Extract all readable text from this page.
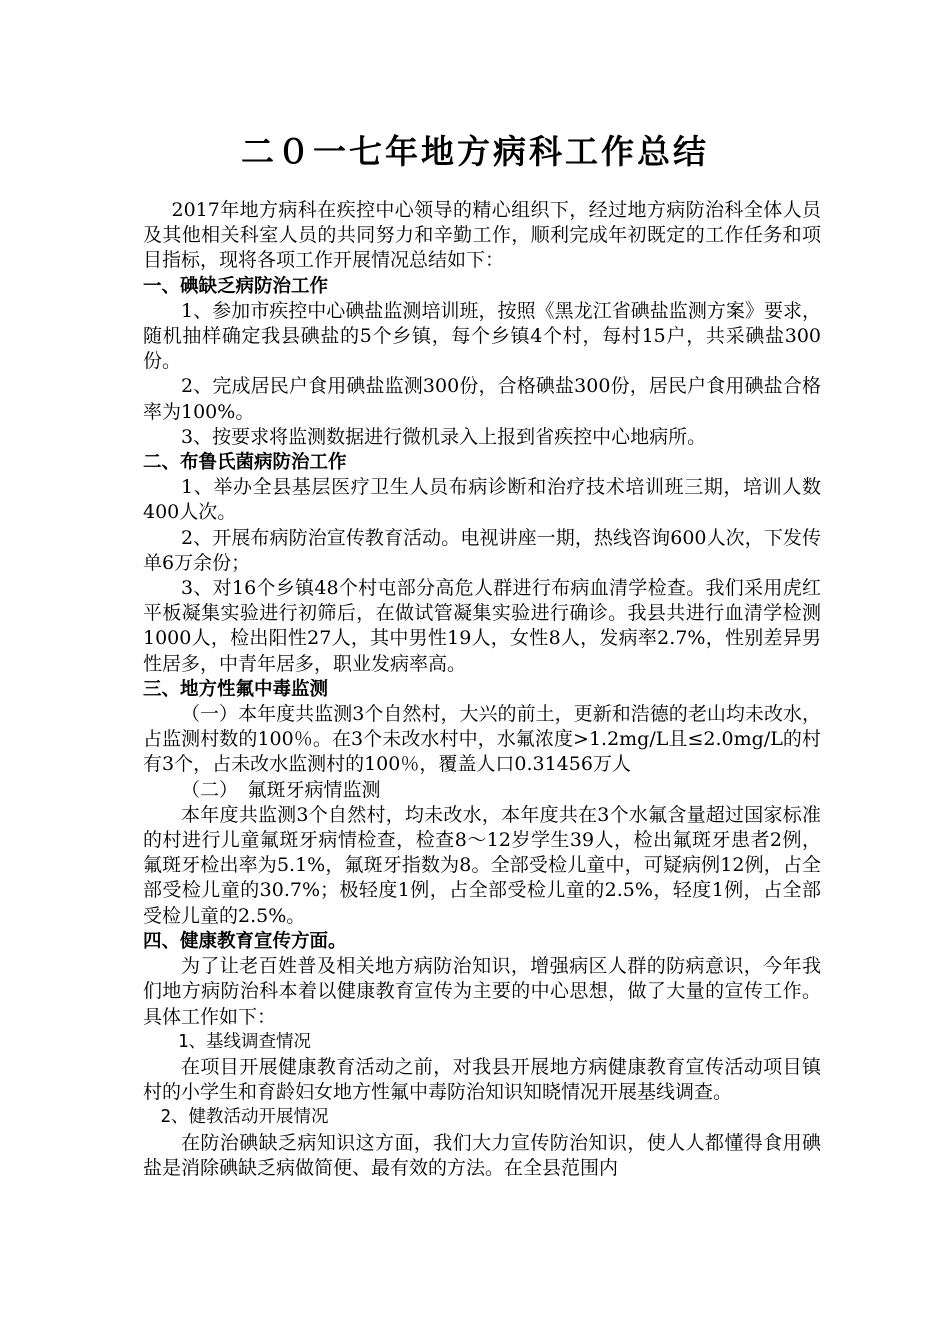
二０一七年地方病科工作总结

2017年地方病科在疾控中心领导的精心组织下，经过地方病防治科全体人员及其他相关科室人员的共同努力和辛勤工作，顺利完成年初既定的工作任务和项目指标，现将各项工作开展情况总结如下：

一、碘缺乏病防治工作

1、参加市疾控中心碘盐监测培训班，按照《黑龙江省碘盐监测方案》要求，随机抽样确定我县碘盐的5个乡镇，每个乡镇4个村，每村15户，共采碘盐300份。

2、完成居民户食用碘盐监测300份，合格碘盐300份，居民户食用碘盐合格率为100%。

3、按要求将监测数据进行微机录入上报到省疾控中心地病所。

二、布鲁氏菌病防治工作

1、举办全县基层医疗卫生人员布病诊断和治疗技术培训班三期，培训人数400人次。

2、开展布病防治宣传教育活动。电视讲座一期，热线咨询600人次，下发传单6万余份；

3、对16个乡镇48个村屯部分高危人群进行布病血清学检查。我们采用虎红平板凝集实验进行初筛后，在做试管凝集实验进行确诊。我县共进行血清学检测1000人，检出阳性27人，其中男性19人，女性8人，发病率2.7%，性别差异男性居多，中青年居多，职业发病率高。

三、地方性氟中毒监测

（一）本年度共监测3个自然村，大兴的前土，更新和浩德的老山均未改水，占监测村数的100％。在3个未改水村中，水氟浓度>1.2mg/L且≤2.0mg/L的村有3个，占未改水监测村的100％，覆盖人口0.31456万人

（二）　氟斑牙病情监测

本年度共监测3个自然村，均未改水，本年度共在3个水氟含量超过国家标准的村进行儿童氟斑牙病情检查，检查8～12岁学生39人，检出氟斑牙患者2例，氟斑牙检出率为5.1%，氟斑牙指数为8。全部受检儿童中，可疑病例12例，占全部受检儿童的30.7%；极轻度1例，占全部受检儿童的2.5%，轻度1例，占全部受检儿童的2.5%。

四、健康教育宣传方面。

为了让老百姓普及相关地方病防治知识，增强病区人群的防病意识，今年我们地方病防治科本着以健康教育宣传为主要的中心思想，做了大量的宣传工作。具体工作如下：

1、基线调查情况

在项目开展健康教育活动之前，对我县开展地方病健康教育宣传活动项目镇村的小学生和育龄妇女地方性氟中毒防治知识知晓情况开展基线调查。

2、健教活动开展情况

在防治碘缺乏病知识这方面，我们大力宣传防治知识，使人人都懂得食用碘盐是消除碘缺乏病做简便、最有效的方法。在全县范围内
